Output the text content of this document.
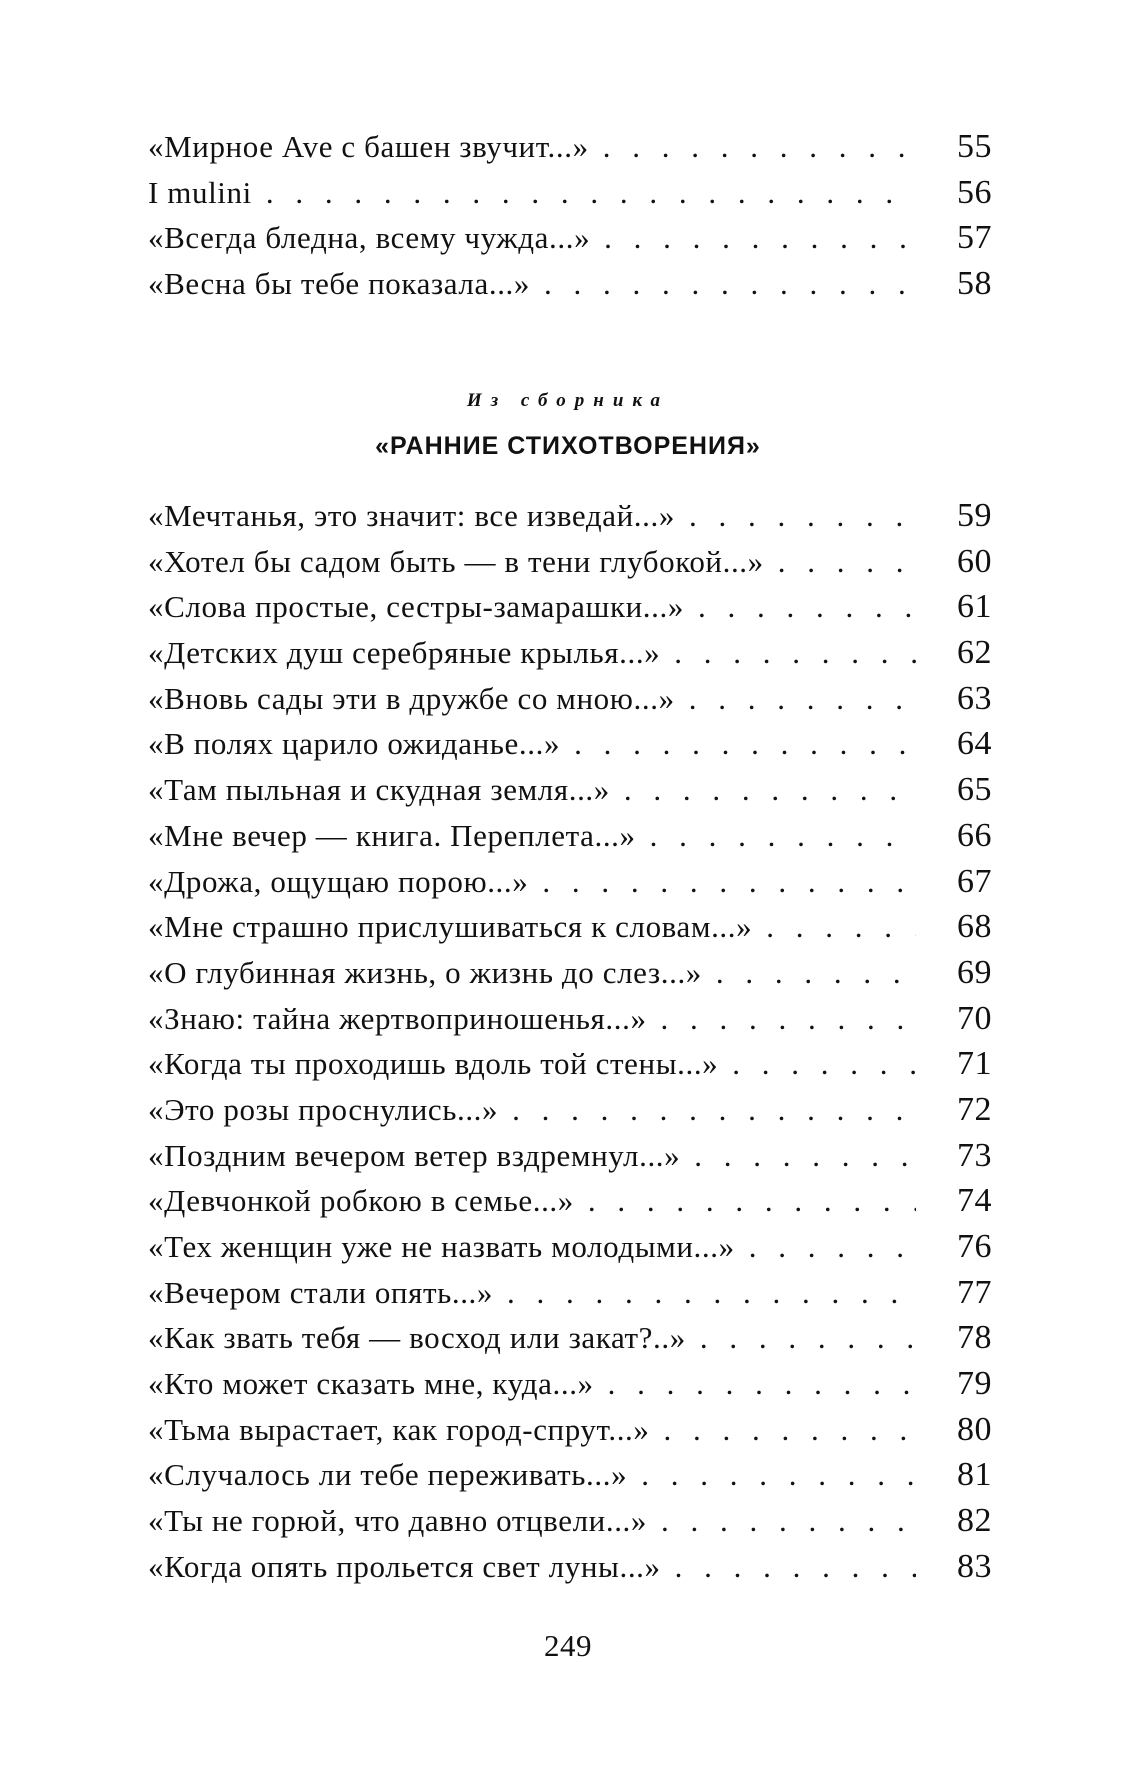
«Мирное Ave с башен звучит...» . . .	55
I mulini . . .	56
«Всегда бледна, всему чужда...» . . .	57
«Весна бы тебе показала...» . . .	58
Из сборника
«РАННИЕ СТИХОТВОРЕНИЯ»
«Мечтанья, это значит: все изведай...» . . .	59
«Хотел бы садом быть — в тени глубокой...» . . .	60
«Слова простые, сестры-замарашки...» . . .	61
«Детских душ серебряные крылья...» . . .	62
«Вновь сады эти в дружбе со мною...» . . .	63
«В полях царило ожиданье...» . . .	64
«Там пыльная и скудная земля...» . . .	65
«Мне вечер — книга. Переплета...» . . .	66
«Дрожа, ощущаю порою...» . . .	67
«Мне страшно прислушиваться к словам...» . . .	68
«О глубинная жизнь, о жизнь до слез...» . . .	69
«Знаю: тайна жертвоприношенья...» . . .	70
«Когда ты проходишь вдоль той стены...» . . .	71
«Это розы проснулись...» . . .	72
«Поздним вечером ветер вздремнул...» . . .	73
«Девчонкой робкою в семье...» . . .	74
«Тех женщин уже не назвать молодыми...» . . .	76
«Вечером стали опять...» . . .	77
«Как звать тебя — восход или закат?..» . . .	78
«Кто может сказать мне, куда...» . . .	79
«Тьма вырастает, как город-спрут...» . . .	80
«Случалось ли тебе переживать...» . . .	81
«Ты не горюй, что давно отцвели...» . . .	82
«Когда опять прольется свет луны...» . . .	83
249
